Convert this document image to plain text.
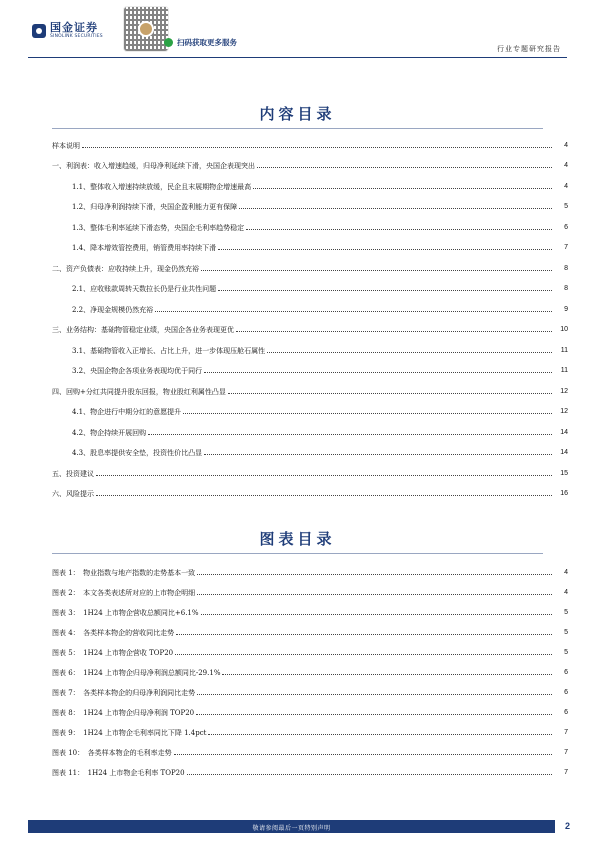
国金证券
SINOLINK SECURITIES
扫码获取更多服务
行业专题研究报告
内容目录
样本说明	4
一、利润表：收入增速趋缓，归母净利延续下滑，央国企表现突出	4
1.1、整体收入增速持续放缓，民企且末展期物企增速最高	4
1.2、归母净利润持续下滑，央国企盈利能力更有保障	5
1.3、整体毛利率延续下滑态势，央国企毛利率趋势稳定	6
1.4、降本增效管控费用，销管费用率持续下滑	7
二、资产负债表：应收持续上升，现金仍然充裕	8
2.1、应收账款周转天数拉长仍是行业共性问题	8
2.2、净现金规模仍然充裕	9
三、业务结构：基础物管稳定业绩，央国企各业务表现更优	10
3.1、基础物管收入正增长、占比上升，进一步体现压舱石属性	11
3.2、央国企物企各项业务表现均优于同行	11
四、回购+分红共同提升股东回报，物业股红利属性凸显	12
4.1、物企进行中期分红的意愿提升	12
4.2、物企持续开展回购	14
4.3、股息率提供安全垫，投资性价比凸显	14
五、投资建议	15
六、风险提示	16
图表目录
图表 1：　物业指数与地产指数的走势基本一致	4
图表 2：　本文各类表述所对应的上市物企明细	4
图表 3：　1H24 上市物企营收总额同比+6.1%	5
图表 4：　各类样本物企的营收同比走势	5
图表 5：　1H24 上市物企营收 TOP20	5
图表 6：　1H24 上市物企归母净利润总额同比-29.1%	6
图表 7：　各类样本物企的归母净利润同比走势	6
图表 8：　1H24 上市物企归母净利润 TOP20	6
图表 9：　1H24 上市物企毛利率同比下降 1.4pct	7
图表 10：　各类样本物企的毛利率走势	7
图表 11：　1H24 上市物企毛利率 TOP20	7
敬请参阅最后一页特别声明	2
